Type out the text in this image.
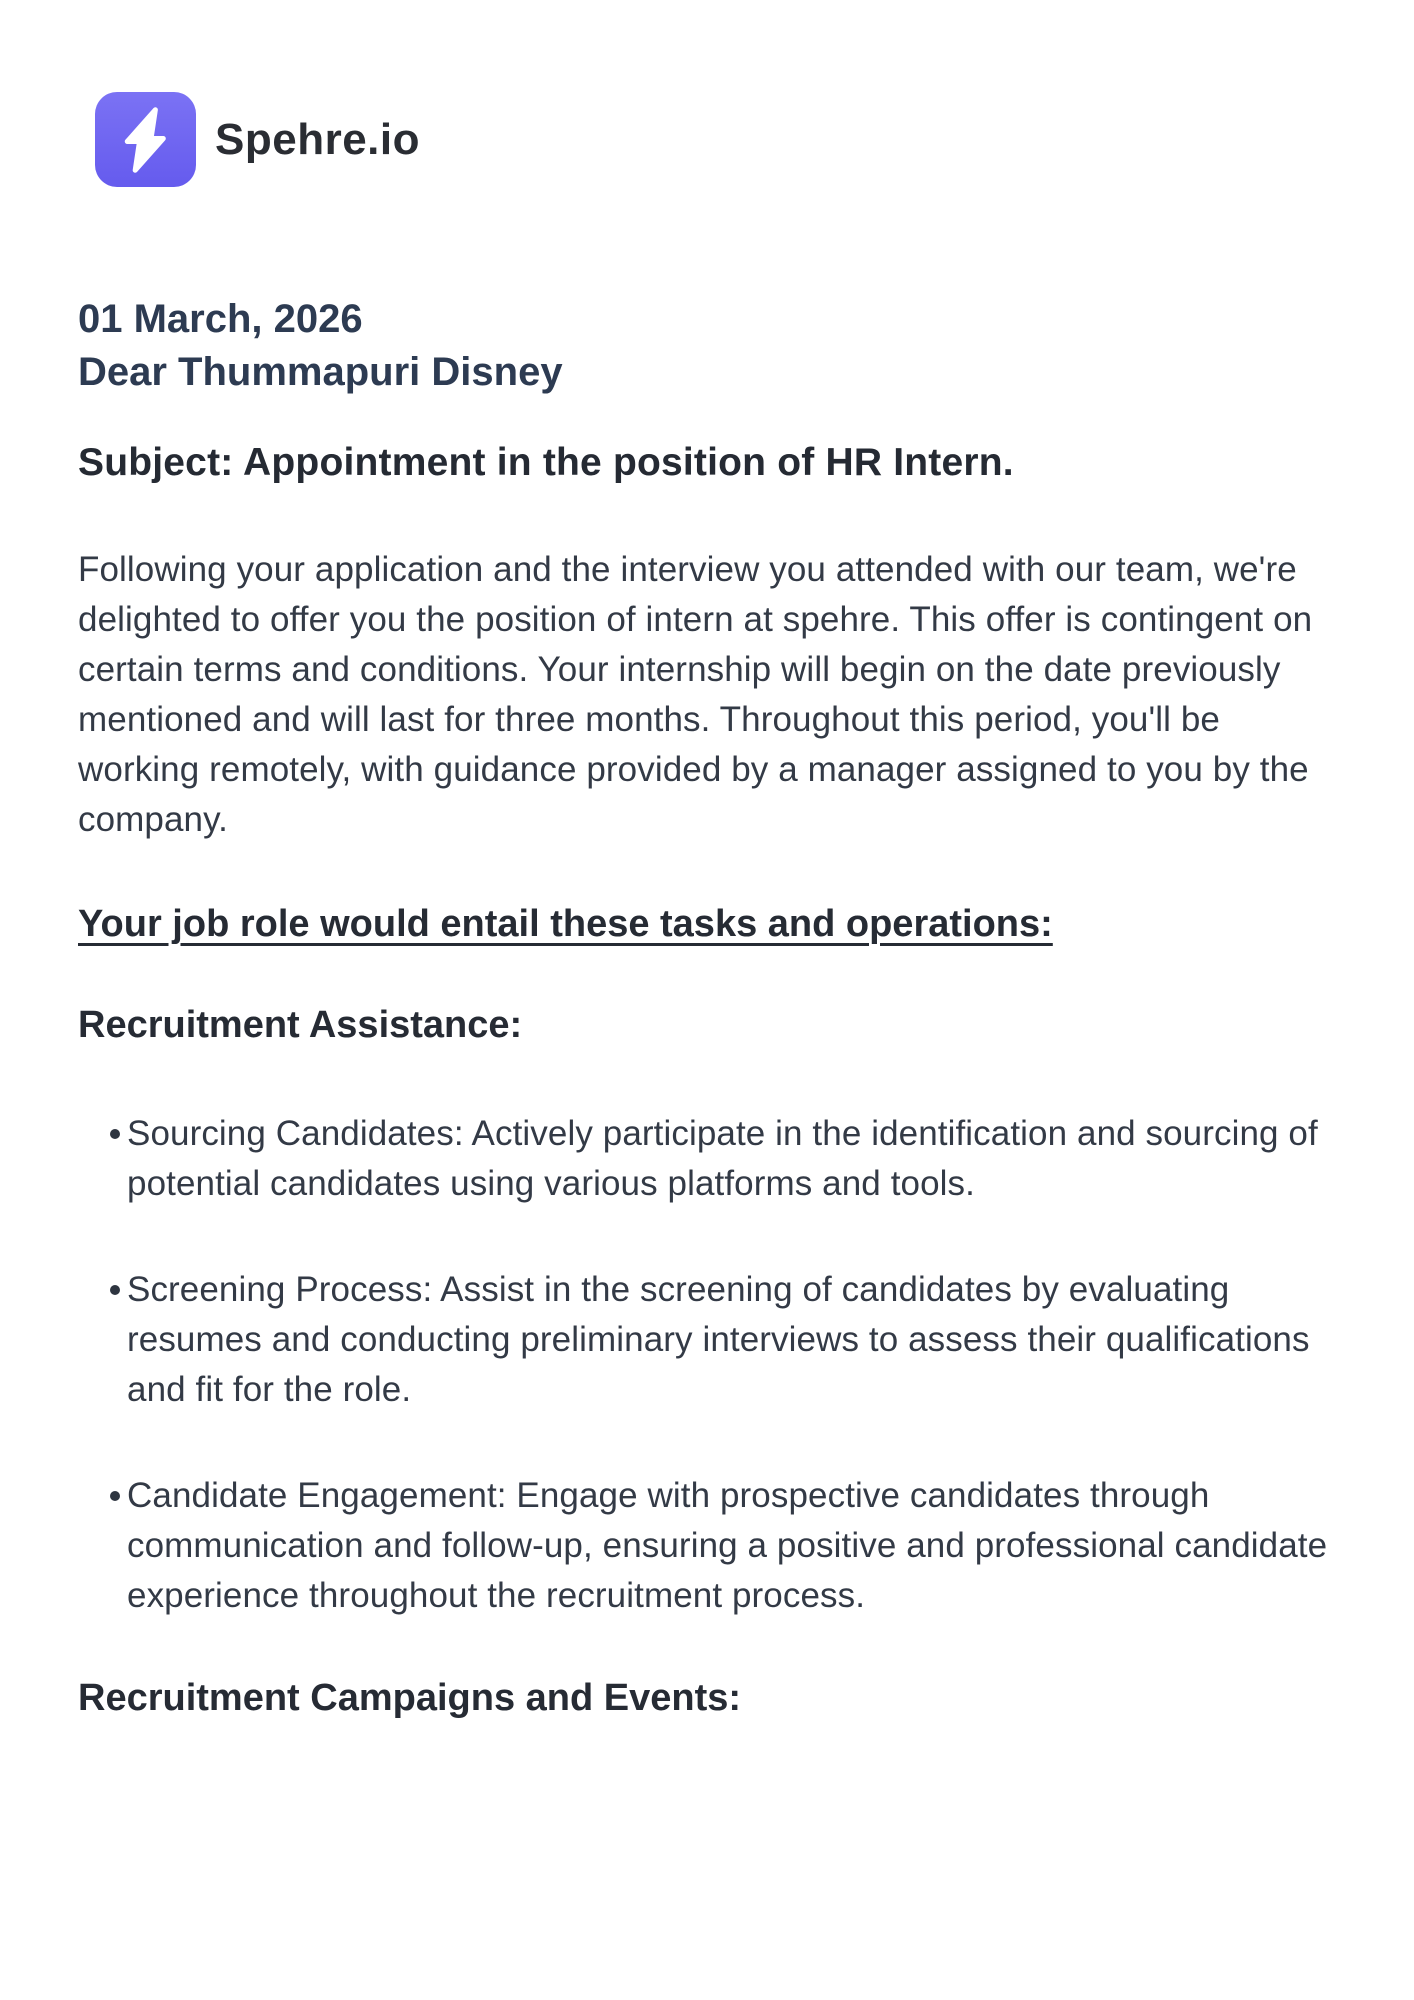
Spehre.io
01 March, 2026
Dear Thummapuri Disney
Subject: Appointment in the position of HR Intern.

Following your application and the interview you attended with our team, we're delighted to offer you the position of intern at spehre. This offer is contingent on certain terms and conditions. Your internship will begin on the date previously mentioned and will last for three months. Throughout this period, you'll be working remotely, with guidance provided by a manager assigned to you by the company.

Your job role would entail these tasks and operations:
Recruitment Assistance:
Sourcing Candidates: Actively participate in the identification and sourcing of potential candidates using various platforms and tools.
Screening Process: Assist in the screening of candidates by evaluating resumes and conducting preliminary interviews to assess their qualifications and fit for the role.
Candidate Engagement: Engage with prospective candidates through communication and follow-up, ensuring a positive and professional candidate experience throughout the recruitment process.
Recruitment Campaigns and Events:
